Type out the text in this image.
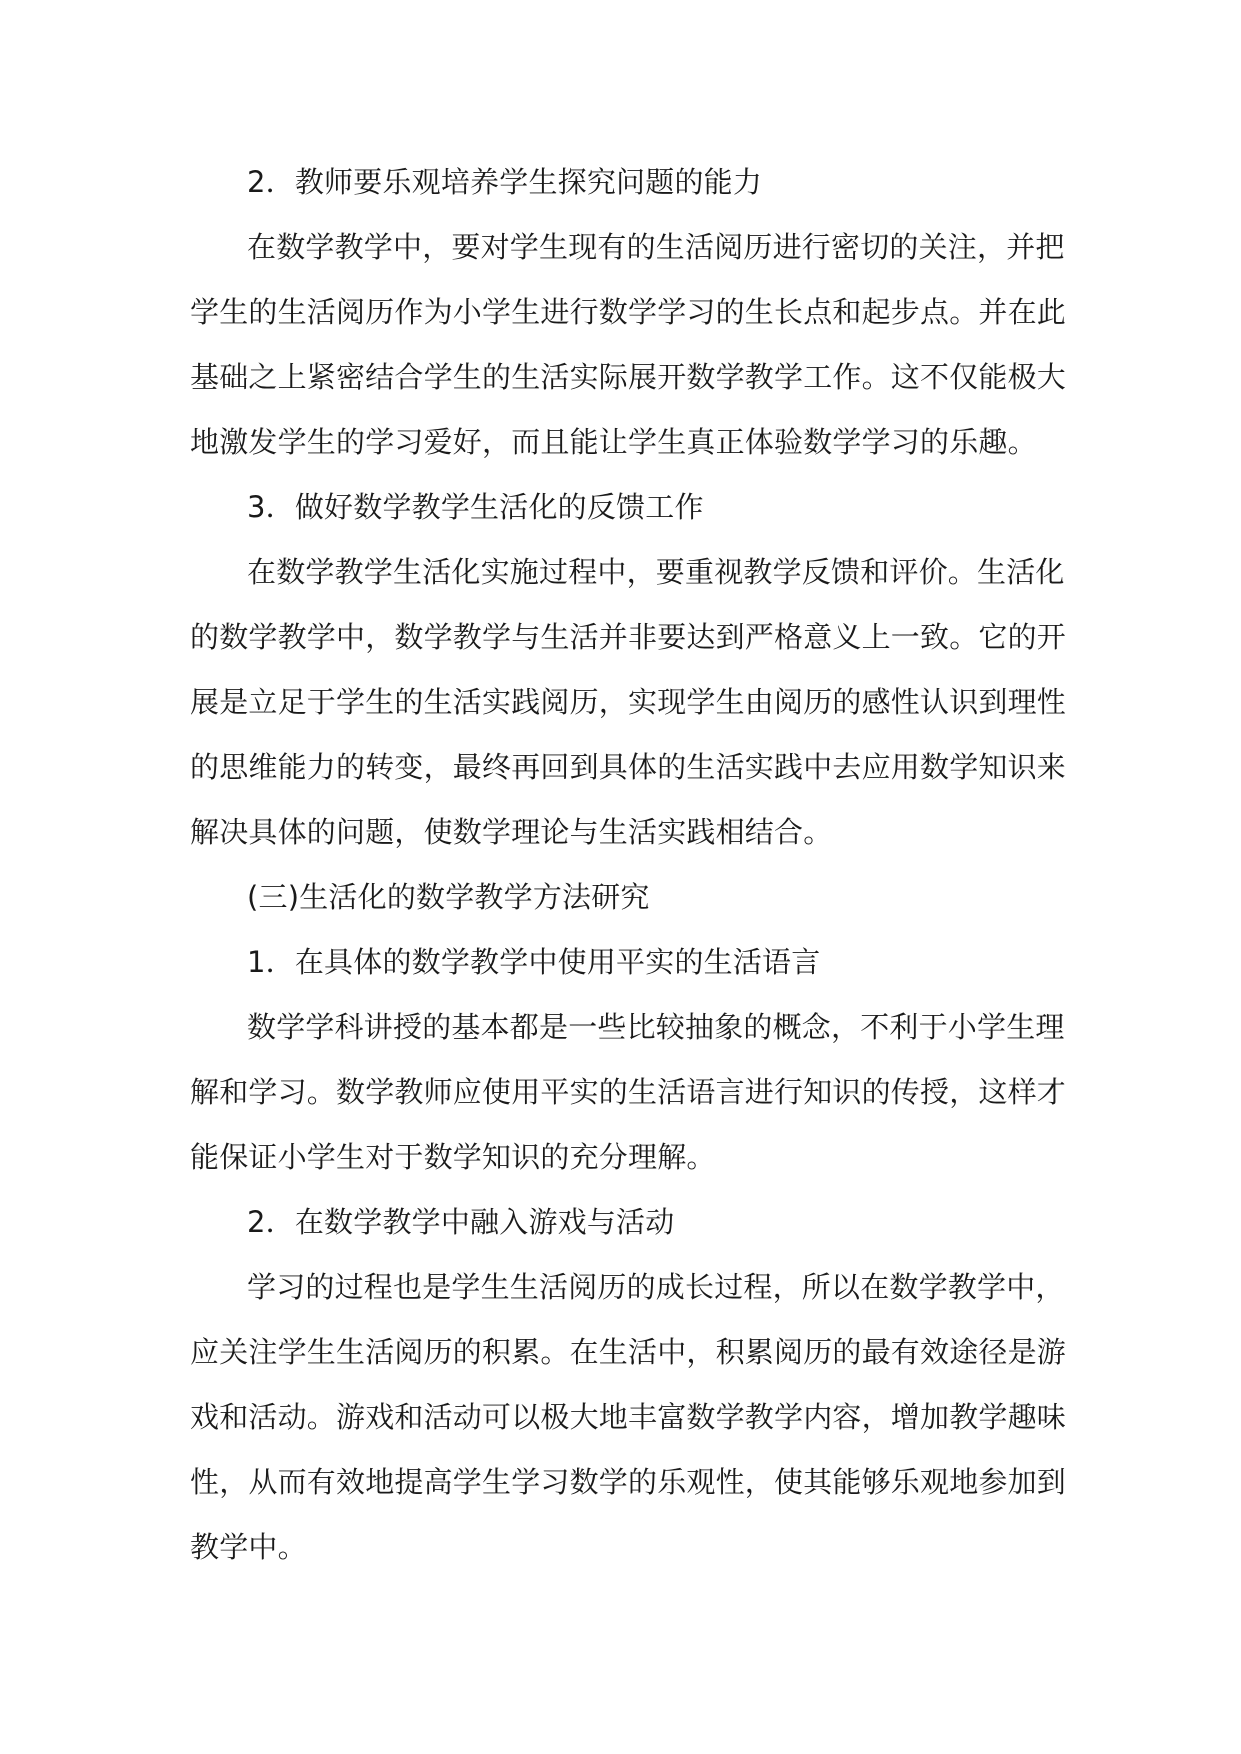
2．教师要乐观培养学生探究问题的能力
在数学教学中，要对学生现有的生活阅历进行密切的关注，并把
学生的生活阅历作为小学生进行数学学习的生长点和起步点。并在此
基础之上紧密结合学生的生活实际展开数学教学工作。这不仅能极大
地激发学生的学习爱好，而且能让学生真正体验数学学习的乐趣。
3．做好数学教学生活化的反馈工作
在数学教学生活化实施过程中，要重视教学反馈和评价。生活化
的数学教学中，数学教学与生活并非要达到严格意义上一致。它的开
展是立足于学生的生活实践阅历，实现学生由阅历的感性认识到理性
的思维能力的转变，最终再回到具体的生活实践中去应用数学知识来
解决具体的问题，使数学理论与生活实践相结合。
(三)生活化的数学教学方法研究
1．在具体的数学教学中使用平实的生活语言
数学学科讲授的基本都是一些比较抽象的概念，不利于小学生理
解和学习。数学教师应使用平实的生活语言进行知识的传授，这样才
能保证小学生对于数学知识的充分理解。
2．在数学教学中融入游戏与活动
学习的过程也是学生生活阅历的成长过程，所以在数学教学中，
应关注学生生活阅历的积累。在生活中，积累阅历的最有效途径是游
戏和活动。游戏和活动可以极大地丰富数学教学内容，增加教学趣味
性，从而有效地提高学生学习数学的乐观性，使其能够乐观地参加到
教学中。
